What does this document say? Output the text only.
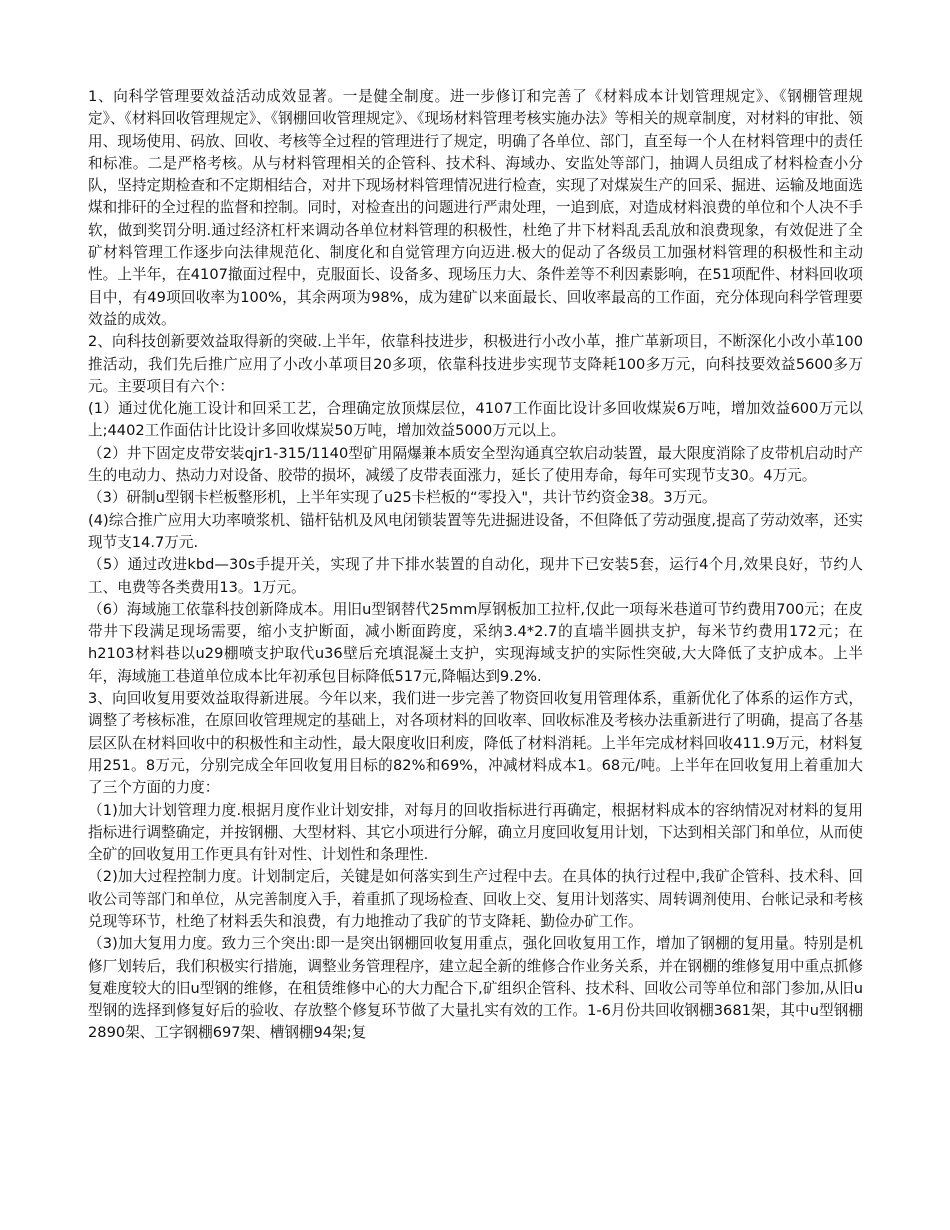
1、向科学管理要效益活动成效显著。一是健全制度。进一步修订和完善了《材料成本计划管理规定》、《钢棚管理规定》、《材料回收管理规定》、《钢棚回收管理规定》、《现场材料管理考核实施办法》等相关的规章制度，对材料的审批、领用、现场使用、码放、回收、考核等全过程的管理进行了规定，明确了各单位、部门，直至每一个人在材料管理中的责任和标准。二是严格考核。从与材料管理相关的企管科、技术科、海域办、安监处等部门，抽调人员组成了材料检查小分队，坚持定期检查和不定期相结合，对井下现场材料管理情况进行检查，实现了对煤炭生产的回采、掘进、运输及地面选煤和排矸的全过程的监督和控制。同时，对检查出的问题进行严肃处理，一追到底，对造成材料浪费的单位和个人决不手软，做到奖罚分明.通过经济杠杆来调动各单位材料管理的积极性，杜绝了井下材料乱丢乱放和浪费现象，有效促进了全矿材料管理工作逐步向法律规范化、制度化和自觉管理方向迈进.极大的促动了各级员工加强材料管理的积极性和主动性。上半年，在4107撤面过程中，克服面长、设备多、现场压力大、条件差等不利因素影响，在51项配件、材料回收项目中，有49项回收率为100%，其余两项为98%，成为建矿以来面最长、回收率最高的工作面，充分体现向科学管理要效益的成效。

2、向科技创新要效益取得新的突破.上半年，依靠科技进步，积极进行小改小革，推广革新项目，不断深化小改小革100推活动，我们先后推广应用了小改小革项目20多项，依靠科技进步实现节支降耗100多万元，向科技要效益5600多万元。主要项目有六个：

(1）通过优化施工设计和回采工艺，合理确定放顶煤层位，4107工作面比设计多回收煤炭6万吨，增加效益600万元以上;4402工作面估计比设计多回收煤炭50万吨，增加效益5000万元以上。

（2）井下固定皮带安装qjr1-315/1140型矿用隔爆兼本质安全型沟通真空软启动装置，最大限度消除了皮带机启动时产生的电动力、热动力对设备、胶带的损坏，减缓了皮带表面涨力，延长了使用寿命，每年可实现节支30。4万元。

（3）研制u型钢卡栏板整形机，上半年实现了u25卡栏板的“零投入"，共计节约资金38。3万元。

(4)综合推广应用大功率喷浆机、锚杆钻机及风电闭锁装置等先进掘进设备，不但降低了劳动强度,提高了劳动效率，还实现节支14.7万元.

（5）通过改进kbd—30s手提开关，实现了井下排水装置的自动化，现井下已安装5套，运行4个月,效果良好，节约人工、电费等各类费用13。1万元。

（6）海域施工依靠科技创新降成本。用旧u型钢替代25mm厚钢板加工拉杆,仅此一项每米巷道可节约费用700元；在皮带井下段满足现场需要，缩小支护断面，减小断面跨度，采纳3.4*2.7的直墙半圆拱支护，每米节约费用172元；在h2103材料巷以u29棚喷支护取代u36壁后充填混凝土支护，实现海域支护的实际性突破,大大降低了支护成本。上半年，海域施工巷道单位成本比年初承包目标降低517元,降幅达到9.2%.

3、向回收复用要效益取得新进展。今年以来，我们进一步完善了物资回收复用管理体系，重新优化了体系的运作方式，调整了考核标准，在原回收管理规定的基础上，对各项材料的回收率、回收标准及考核办法重新进行了明确，提高了各基层区队在材料回收中的积极性和主动性，最大限度收旧利废，降低了材料消耗。上半年完成材料回收411.9万元，材料复用251。8万元，分别完成全年回收复用目标的82%和69%，冲减材料成本1。68元/吨。上半年在回收复用上着重加大了三个方面的力度：

（1)加大计划管理力度.根据月度作业计划安排，对每月的回收指标进行再确定，根据材料成本的容纳情况对材料的复用指标进行调整确定，并按钢棚、大型材料、其它小项进行分解，确立月度回收复用计划，下达到相关部门和单位，从而使全矿的回收复用工作更具有针对性、计划性和条理性.

（2)加大过程控制力度。计划制定后，关键是如何落实到生产过程中去。在具体的执行过程中,我矿企管科、技术科、回收公司等部门和单位，从完善制度入手，着重抓了现场检查、回收上交、复用计划落实、周转调剂使用、台帐记录和考核兑现等环节，杜绝了材料丢失和浪费，有力地推动了我矿的节支降耗、勤俭办矿工作。

（3)加大复用力度。致力三个突出:即一是突出钢棚回收复用重点，强化回收复用工作，增加了钢棚的复用量。特别是机修厂划转后，我们积极实行措施，调整业务管理程序，建立起全新的维修合作业务关系，并在钢棚的维修复用中重点抓修复难度较大的旧u型钢的维修，在租赁维修中心的大力配合下,矿组织企管科、技术科、回收公司等单位和部门参加,从旧u型钢的选择到修复好后的验收、存放整个修复环节做了大量扎实有效的工作。1-6月份共回收钢棚3681架，其中u型钢棚2890架、工字钢棚697架、槽钢棚94架;复
